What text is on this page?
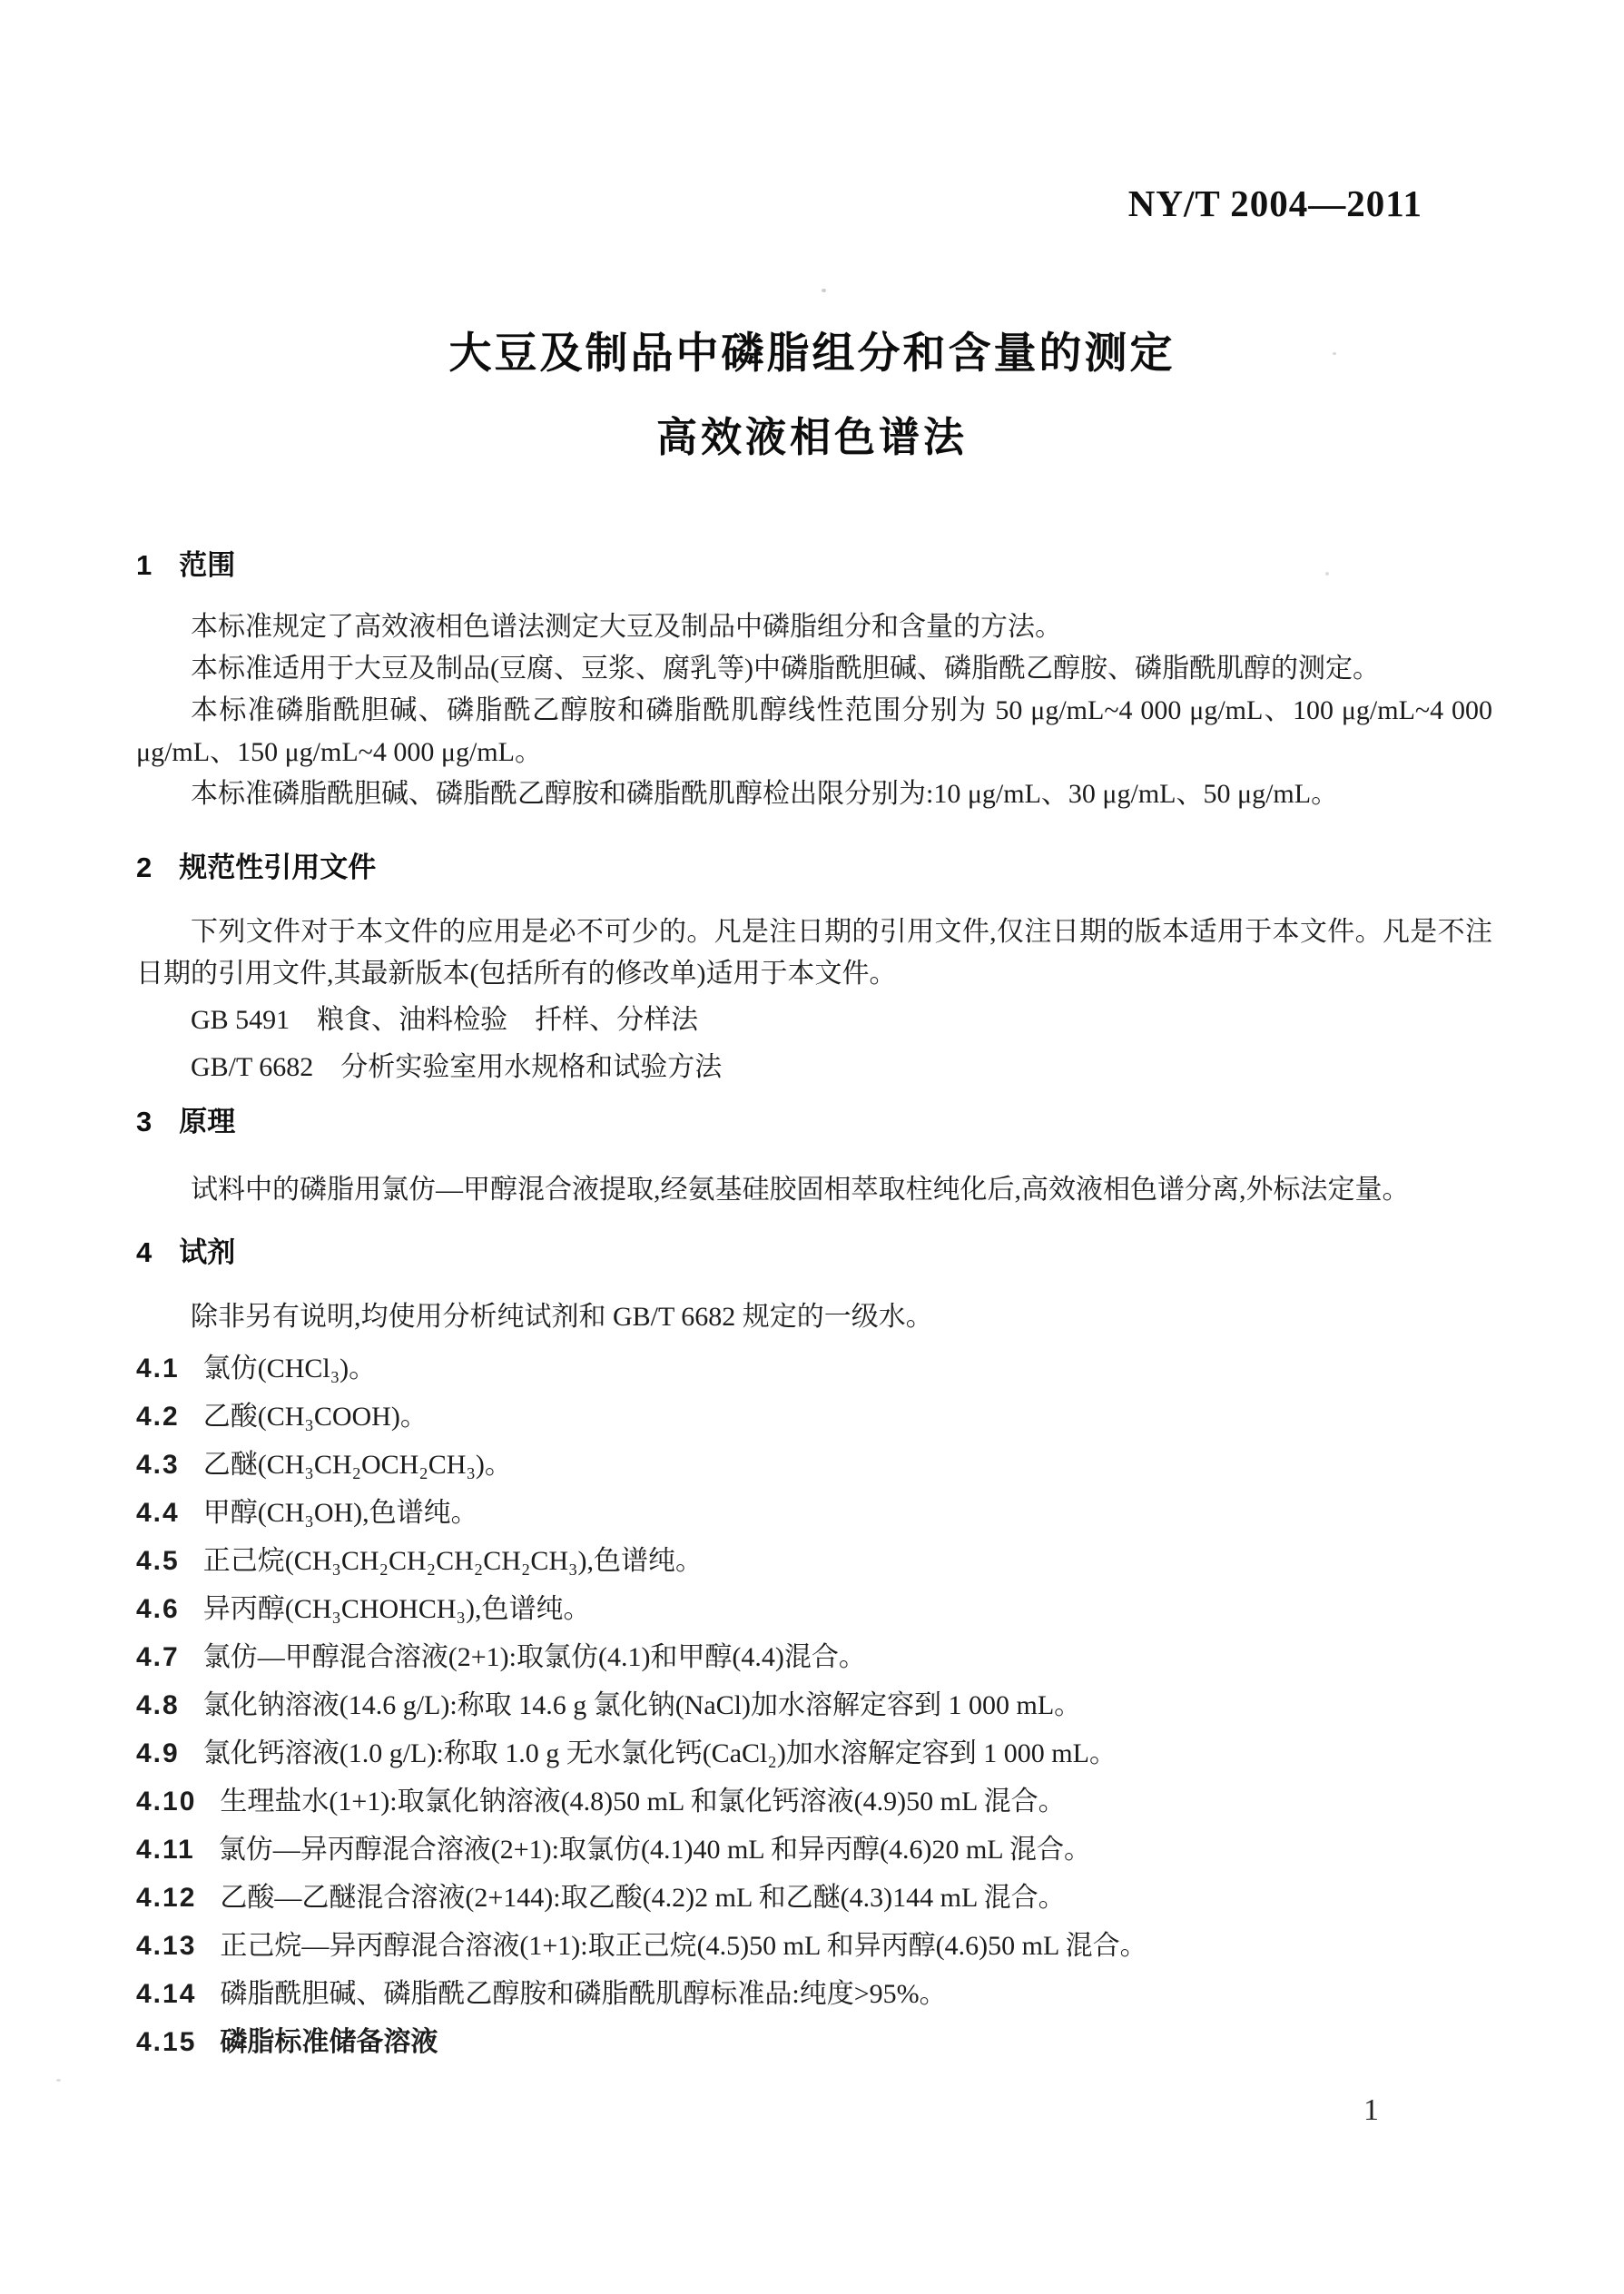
NY/T 2004—2011
大豆及制品中磷脂组分和含量的测定
高效液相色谱法
1 范围

本标准规定了高效液相色谱法测定大豆及制品中磷脂组分和含量的方法。

本标准适用于大豆及制品(豆腐、豆浆、腐乳等)中磷脂酰胆碱、磷脂酰乙醇胺、磷脂酰肌醇的测定。

本标准磷脂酰胆碱、磷脂酰乙醇胺和磷脂酰肌醇线性范围分别为 50 μg/mL~4 000 μg/mL、100 μg/mL~4 000 μg/mL、150 μg/mL~4 000 μg/mL。

本标准磷脂酰胆碱、磷脂酰乙醇胺和磷脂酰肌醇检出限分别为:10 μg/mL、30 μg/mL、50 μg/mL。

2 规范性引用文件

下列文件对于本文件的应用是必不可少的。凡是注日期的引用文件,仅注日期的版本适用于本文件。凡是不注日期的引用文件,其最新版本(包括所有的修改单)适用于本文件。

GB 5491　粮食、油料检验　扦样、分样法

GB/T 6682　分析实验室用水规格和试验方法

3 原理

试料中的磷脂用氯仿—甲醇混合液提取,经氨基硅胶固相萃取柱纯化后,高效液相色谱分离,外标法定量。

4 试剂

除非另有说明,均使用分析纯试剂和 GB/T 6682 规定的一级水。

4.1 氯仿(CHCl₃)。
4.2 乙酸(CH₃COOH)。
4.3 乙醚(CH₃CH₂OCH₂CH₃)。
4.4 甲醇(CH₃OH),色谱纯。
4.5 正己烷(CH₃CH₂CH₂CH₂CH₂CH₃),色谱纯。
4.6 异丙醇(CH₃CHOHCH₃),色谱纯。
4.7 氯仿—甲醇混合溶液(2+1):取氯仿(4.1)和甲醇(4.4)混合。
4.8 氯化钠溶液(14.6 g/L):称取 14.6 g 氯化钠(NaCl)加水溶解定容到 1 000 mL。
4.9 氯化钙溶液(1.0 g/L):称取 1.0 g 无水氯化钙(CaCl₂)加水溶解定容到 1 000 mL。
4.10 生理盐水(1+1):取氯化钠溶液(4.8)50 mL 和氯化钙溶液(4.9)50 mL 混合。
4.11 氯仿—异丙醇混合溶液(2+1):取氯仿(4.1)40 mL 和异丙醇(4.6)20 mL 混合。
4.12 乙酸—乙醚混合溶液(2+144):取乙酸(4.2)2 mL 和乙醚(4.3)144 mL 混合。
4.13 正己烷—异丙醇混合溶液(1+1):取正己烷(4.5)50 mL 和异丙醇(4.6)50 mL 混合。
4.14 磷脂酰胆碱、磷脂酰乙醇胺和磷脂酰肌醇标准品:纯度>95%。
4.15 磷脂标准储备溶液
1
